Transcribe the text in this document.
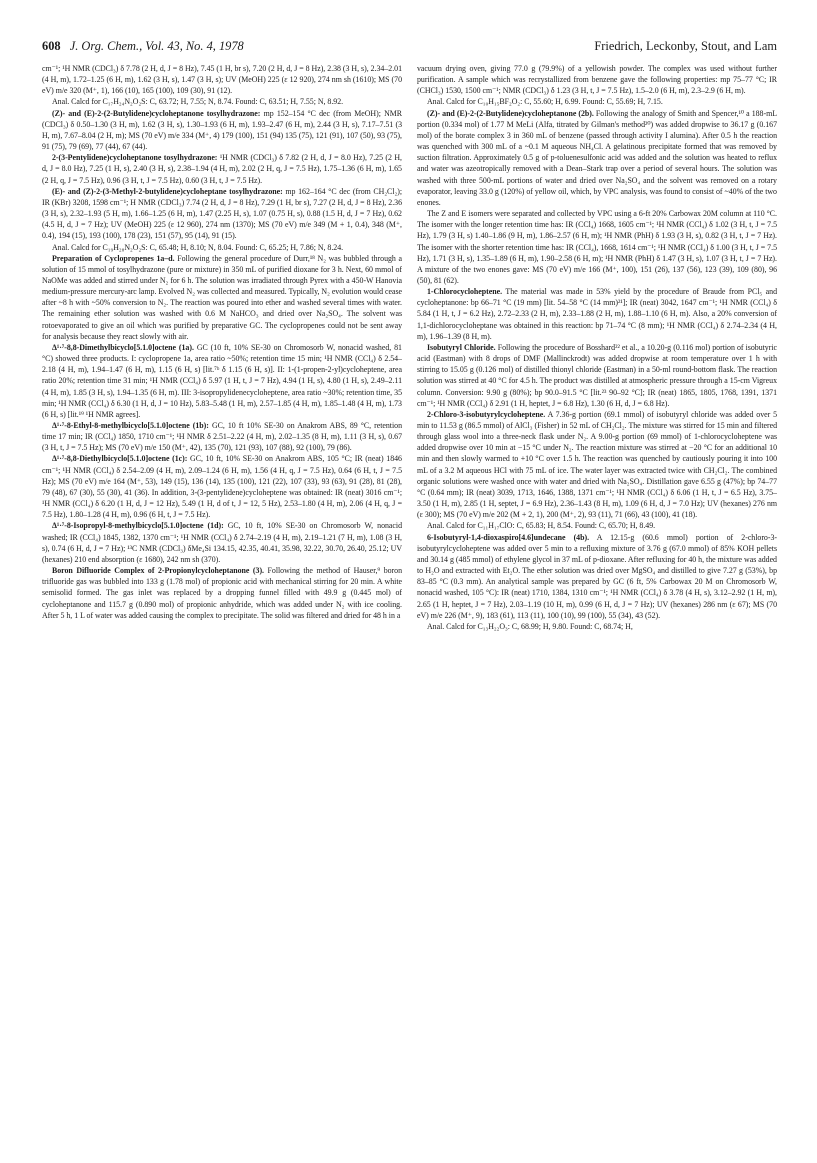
608 J. Org. Chem., Vol. 43, No. 4, 1978	Friedrich, Leckonby, Stout, and Lam

cm⁻¹; ¹H NMR (CDCl₃) δ 7.78 (2 H, d, J = 8 Hz), 7.45 (1 H, br s), 7.20 (2 H, d, J = 8 Hz), 2.38 (3 H, s), 2.34–2.01 (4 H, m), 1.72–1.25 (6 H, m), 1.62 (3 H, s), 1.47 (3 H, s); UV (MeOH) 225 (ε 12 920), 274 nm sh (1610); MS (70 eV) m/e 320 (M⁺, 1), 166 (10), 165 (100), 109 (30), 91 (12).

Anal. Calcd for C₁₇H₂₄N₂O₂S: C, 63.72; H, 7.55; N, 8.74. Found: C, 63.51; H, 7.55; N, 8.92.

(Z)- and (E)-2-(2-Butylidene)cycloheptanone tosylhydrazone: mp 152–154 °C dec (from MeOH); NMR (CDCl₃) δ 0.50–1.30 (3 H, m), 1.62 (3 H, s), 1.30–1.93 (6 H, m), 1.93–2.47 (6 H, m), 2.44 (3 H, s), 7.17–7.51 (3 H, m), 7.67–8.04 (2 H, m); MS (70 eV) m/e 334 (M⁺, 4) 179 (100), 151 (94) 135 (75), 121 (91), 107 (50), 93 (75), 91 (75), 79 (69), 77 (44), 67 (44).

2-(3-Pentylidene)cycloheptanone tosylhydrazone: ¹H NMR (CDCl₃) δ 7.82 (2 H, d, J = 8.0 Hz), 7.25 (2 H, d, J = 8.0 Hz), 7.25 (1 H, s), 2.40 (3 H, s), 2.38–1.94 (4 H, m), 2.02 (2 H, q, J = 7.5 Hz), 1.75–1.36 (6 H, m), 1.65 (2 H, q, J = 7.5 Hz), 0.96 (3 H, t, J = 7.5 Hz), 0.60 (3 H, t, J = 7.5 Hz).

(E)- and (Z)-2-(3-Methyl-2-butylidene)cycloheptane tosylhydrazone: mp 162–164 °C dec (from CH₂Cl₂); IR (KBr) 3208, 1598 cm⁻¹; H NMR (CDCl₃) 7.74 (2 H, d, J = 8 Hz), 7.29 (1 H, br s), 7.27 (2 H, d, J = 8 Hz), 2.36 (3 H, s), 2.32–1.93 (5 H, m), 1.66–1.25 (6 H, m), 1.47 (2.25 H, s), 1.07 (0.75 H, s), 0.88 (1.5 H, d, J = 7 Hz), 0.62 (4.5 H, d, J = 7 Hz); UV (MeOH) 225 (ε 12 960), 274 nm (1370); MS (70 eV) m/e 349 (M + 1, 0.4), 348 (M⁺, 0.4), 194 (15), 193 (100), 178 (23), 151 (57), 95 (14), 91 (15).

Anal. Calcd for C₁₉H₂₈N₂O₂S: C, 65.48; H, 8.10; N, 8.04. Found: C, 65.25; H, 7.86; N, 8.24.

Preparation of Cyclopropenes 1a–d. Following the general procedure of Durr,¹⁸ N₂ was bubbled through a solution of 15 mmol of tosylhydrazone (pure or mixture) in 350 mL of purified dioxane for 3 h. Next, 60 mmol of NaOMe was added and stirred under N₂ for 6 h. The solution was irradiated through Pyrex with a 450-W Hanovia medium-pressure mercury-arc lamp. Evolved N₂ was collected and measured. Typically, N₂ evolution would cease after ~8 h with ~50% conversion to N₂. The reaction was poured into ether and washed several times with water. The remaining ether solution was washed with 0.6 M NaHCO₃ and dried over Na₂SO₄. The solvent was rotoevaporated to give an oil which was purified by preparative GC. The cyclopropenes could not be sent away for analysis because they react slowly with air.

Δ¹·⁷-8,8-Dimethylbicyclo[5.1.0]octene (1a). GC (10 ft, 10% SE-30 on Chromosorb W, nonacid washed, 81 °C) showed three products. I: cyclopropene 1a, area ratio ~50%; retention time 15 min; ¹H NMR (CCl₄) δ 2.54–2.18 (4 H, m), 1.94–1.47 (6 H, m), 1.15 (6 H, s) [lit.⁷ᵇ δ 1.15 (6 H, s)]. II: 1-(1-propen-2-yl)cycloheptene, area ratio 20%; retention time 31 min; ¹H NMR (CCl₄) δ 5.97 (1 H, t, J = 7 Hz), 4.94 (1 H, s), 4.80 (1 H, s), 2.49–2.11 (4 H, m), 1.85 (3 H, s), 1.94–1.35 (6 H, m). III: 3-isopropylidenecycloheptene, area ratio ~30%; retention time, 35 min; ¹H NMR (CCl₄) δ 6.30 (1 H, d, J = 10 Hz), 5.83–5.48 (1 H, m), 2.57–1.85 (4 H, m), 1.85–1.48 (4 H, m), 1.73 (6 H, s) [lit.¹⁹ ¹H NMR agrees].

Δ¹·⁷-8-Ethyl-8-methylbicyclo[5.1.0]octene (1b): GC, 10 ft 10% SE-30 on Anakrom ABS, 89 °C, retention time 17 min; IR (CCl₄) 1850, 1710 cm⁻¹; ¹H NMR δ 2.51–2.22 (4 H, m), 2.02–1.35 (8 H, m), 1.11 (3 H, s), 0.67 (3 H, t, J = 7.5 Hz); MS (70 eV) m/e 150 (M⁺, 42), 135 (70), 121 (93), 107 (88), 92 (100), 79 (86).

Δ¹·⁷-8,8-Diethylbicyclo[5.1.0]octene (1c): GC, 10 ft, 10% SE-30 on Anakrom ABS, 105 °C; IR (neat) 1846 cm⁻¹; ¹H NMR (CCl₄) δ 2.54–2.09 (4 H, m), 2.09–1.24 (6 H, m), 1.56 (4 H, q, J = 7.5 Hz), 0.64 (6 H, t, J = 7.5 Hz); MS (70 eV) m/e 164 (M⁺, 53), 149 (15), 136 (14), 135 (100), 121 (22), 107 (33), 93 (63), 91 (28), 81 (28), 79 (48), 67 (30), 55 (30), 41 (36). In addition, 3-(3-pentylidene)cycloheptene was obtained: IR (neat) 3016 cm⁻¹; ¹H NMR (CCl₄) δ 6.20 (1 H, d, J = 12 Hz), 5.49 (1 H, d of t, J = 12, 5 Hz), 2.53–1.80 (4 H, m), 2.06 (4 H, q, J = 7.5 Hz), 1.80–1.28 (4 H, m), 0.96 (6 H, t, J = 7.5 Hz).

Δ¹·⁷-8-Isopropyl-8-methylbicyclo[5.1.0]octene (1d): GC, 10 ft, 10% SE-30 on Chromosorb W, nonacid washed; IR (CCl₄) 1845, 1382, 1370 cm⁻¹; ¹H NMR (CCl₄) δ 2.74–2.19 (4 H, m), 2.19–1.21 (7 H, m), 1.08 (3 H, s), 0.74 (6 H, d, J = 7 Hz); ¹³C NMR (CDCl₃) δMe₄Si 134.15, 42.35, 40.41, 35.98, 32.22, 30.70, 26.40, 25.12; UV (hexanes) 210 end absorption (ε 1680), 242 nm sh (370).

Boron Difluoride Complex of 2-Propionylcycloheptanone (3). Following the method of Hauser,⁹ boron trifluoride gas was bubbled into 133 g (1.78 mol) of propionic acid with mechanical stirring for 20 min. A white semisolid formed. The gas inlet was replaced by a dropping funnel filled with 49.9 g (0.445 mol) of cycloheptanone and 115.7 g (0.890 mol) of propionic anhydride, which was added under N₂ with ice cooling. After 5 h, 1 L of water was added causing the complex to precipitate. The solid was filtered and dried for 48 h in a

vacuum drying oven, giving 77.0 g (79.9%) of a yellowish powder. The complex was used without further purification. A sample which was recrystallized from benzene gave the following properties: mp 75–77 °C; IR (CHCl₃) 1530, 1500 cm⁻¹; NMR (CDCl₃) δ 1.23 (3 H, t, J = 7.5 Hz), 1.5–2.0 (6 H, m), 2.3–2.9 (6 H, m).

Anal. Calcd for C₁₀H₁₅BF₂O₂: C, 55.60; H, 6.99. Found: C, 55.69; H, 7.15.

(Z)- and (E)-2-(2-Butylidene)cycloheptanone (2b). Following the analogy of Smith and Spencer,¹⁰ a 188-mL portion (0.334 mol) of 1.77 M MeLi (Alfa, titrated by Gilman's method²⁰) was added dropwise to 36.17 g (0.167 mol) of the borate complex 3 in 360 mL of benzene (passed through activity I alumina). After 0.5 h the reaction was quenched with 300 mL of a ~0.1 M aqueous NH₄Cl. A gelatinous precipitate formed that was removed by suction filtration. Approximately 0.5 g of p-toluenesulfonic acid was added and the solution was heated to reflux and water was azeotropically removed with a Dean–Stark trap over a period of several hours. The solution was washed with three 500-mL portions of water and dried over Na₂SO₄ and the solvent was removed on a rotary evaporator, leaving 33.0 g (120%) of yellow oil, which, by VPC analysis, was found to consist of ~40% of the two enones.

The Z and E isomers were separated and collected by VPC using a 6-ft 20% Carbowax 20M column at 110 °C. The isomer with the longer retention time has: IR (CCl₄) 1668, 1605 cm⁻¹; ¹H NMR (CCl₄) δ 1.02 (3 H, t, J = 7.5 Hz), 1.79 (3 H, s) 1.40–1.86 (9 H, m), 1.86–2.57 (6 H, m); ¹H NMR (PhH) δ 1.93 (3 H, s), 0.82 (3 H, t, J = 7 Hz). The isomer with the shorter retention time has: IR (CCl₄), 1668, 1614 cm⁻¹; ¹H NMR (CCl₄) δ 1.00 (3 H, t, J = 7.5 Hz), 1.71 (3 H, s), 1.35–1.89 (6 H, m), 1.90–2.58 (6 H, m); ¹H NMR (PhH) δ 1.47 (3 H, s), 1.07 (3 H, t, J = 7 Hz). A mixture of the two enones gave: MS (70 eV) m/e 166 (M⁺, 100), 151 (26), 137 (56), 123 (39), 109 (80), 96 (50), 81 (62).

1-Chlorocycloheptene. The material was made in 53% yield by the procedure of Braude from PCl₅ and cycloheptanone: bp 66–71 °C (19 mm) [lit. 54–58 °C (14 mm)²¹]; IR (neat) 3042, 1647 cm⁻¹; ¹H NMR (CCl₄) δ 5.84 (1 H, t, J = 6.2 Hz), 2.72–2.33 (2 H, m), 2.33–1.88 (2 H, m), 1.88–1.10 (6 H, m). Also, a 20% conversion of 1,1-dichlorocycloheptane was obtained in this reaction: bp 71–74 °C (8 mm); ¹H NMR (CCl₄) δ 2.74–2.34 (4 H, m), 1.96–1.39 (8 H, m).

Isobutyryl Chloride. Following the procedure of Bosshard²² et al., a 10.20-g (0.116 mol) portion of isobutyric acid (Eastman) with 8 drops of DMF (Mallinckrodt) was added dropwise at room temperature over 1 h with stirring to 15.05 g (0.126 mol) of distilled thionyl chloride (Eastman) in a 50-ml round-bottom flask. The reaction solution was stirred at 40 °C for 4.5 h. The product was distilled at atmospheric pressure through a 15-cm Vigreux column. Conversion: 9.90 g (80%); bp 90.0–91.5 °C [lit.²³ 90–92 °C]; IR (neat) 1865, 1805, 1768, 1391, 1371 cm⁻¹; ¹H NMR (CCl₄) δ 2.91 (1 H, heptet, J = 6.8 Hz), 1.30 (6 H, d, J = 6.8 Hz).

2-Chloro-3-isobutyrylcycloheptene. A 7.36-g portion (69.1 mmol) of isobutyryl chloride was added over 5 min to 11.53 g (86.5 mmol) of AlCl₃ (Fisher) in 52 mL of CH₂Cl₂. The mixture was stirred for 15 min and filtered through glass wool into a three-neck flask under N₂. A 9.00-g portion (69 mmol) of 1-chlorocycloheptene was added dropwise over 10 min at −15 °C under N₂. The reaction mixture was stirred at −20 °C for an additional 10 min and then slowly warmed to +10 °C over 1.5 h. The reaction was quenched by cautiously pouring it into 100 mL of a 3.2 M aqueous HCl with 75 mL of ice. The water layer was extracted twice with CH₂Cl₂. The combined organic solutions were washed once with water and dried with Na₂SO₄. Distillation gave 6.55 g (47%); bp 74–77 °C (0.64 mm); IR (neat) 3039, 1713, 1646, 1388, 1371 cm⁻¹; ¹H NMR (CCl₄) δ 6.06 (1 H, t, J = 6.5 Hz), 3.75–3.50 (1 H, m), 2.85 (1 H, septet, J = 6.9 Hz), 2.36–1.43 (8 H, m), 1.09 (6 H, d, J = 7.0 Hz); UV (hexanes) 276 nm (ε 300); MS (70 eV) m/e 202 (M + 2, 1), 200 (M⁺, 2), 93 (11), 71 (66), 43 (100), 41 (18).

Anal. Calcd for C₁₁H₁₇ClO: C, 65.83; H, 8.54. Found: C, 65.70; H, 8.49.

6-Isobutyryl-1,4-dioxaspiro[4.6]undecane (4b). A 12.15-g (60.6 mmol) portion of 2-chloro-3-isobutyrylcycloheptene was added over 5 min to a refluxing mixture of 3.76 g (67.0 mmol) of 85% KOH pellets and 30.14 g (485 mmol) of ethylene glycol in 37 mL of p-dioxane. After refluxing for 40 h, the mixture was added to H₂O and extracted with Et₂O. The ether solution was dried over MgSO₄ and distilled to give 7.27 g (53%), bp 83–85 °C (0.3 mm). An analytical sample was prepared by GC (6 ft, 5% Carbowax 20 M on Chromosorb W, nonacid washed, 105 °C): IR (neat) 1710, 1384, 1310 cm⁻¹; ¹H NMR (CCl₄) δ 3.78 (4 H, s), 3.12–2.92 (1 H, m), 2.65 (1 H, heptet, J = 7 Hz), 2.03–1.19 (10 H, m), 0.99 (6 H, d, J = 7 Hz); UV (hexanes) 286 nm (ε 67); MS (70 eV) m/e 226 (M⁺, 9), 183 (61), 113 (11), 100 (10), 99 (100), 55 (34), 43 (52).

Anal. Calcd for C₁₃H₂₂O₃: C, 68.99; H, 9.80. Found: C, 68.74; H,
